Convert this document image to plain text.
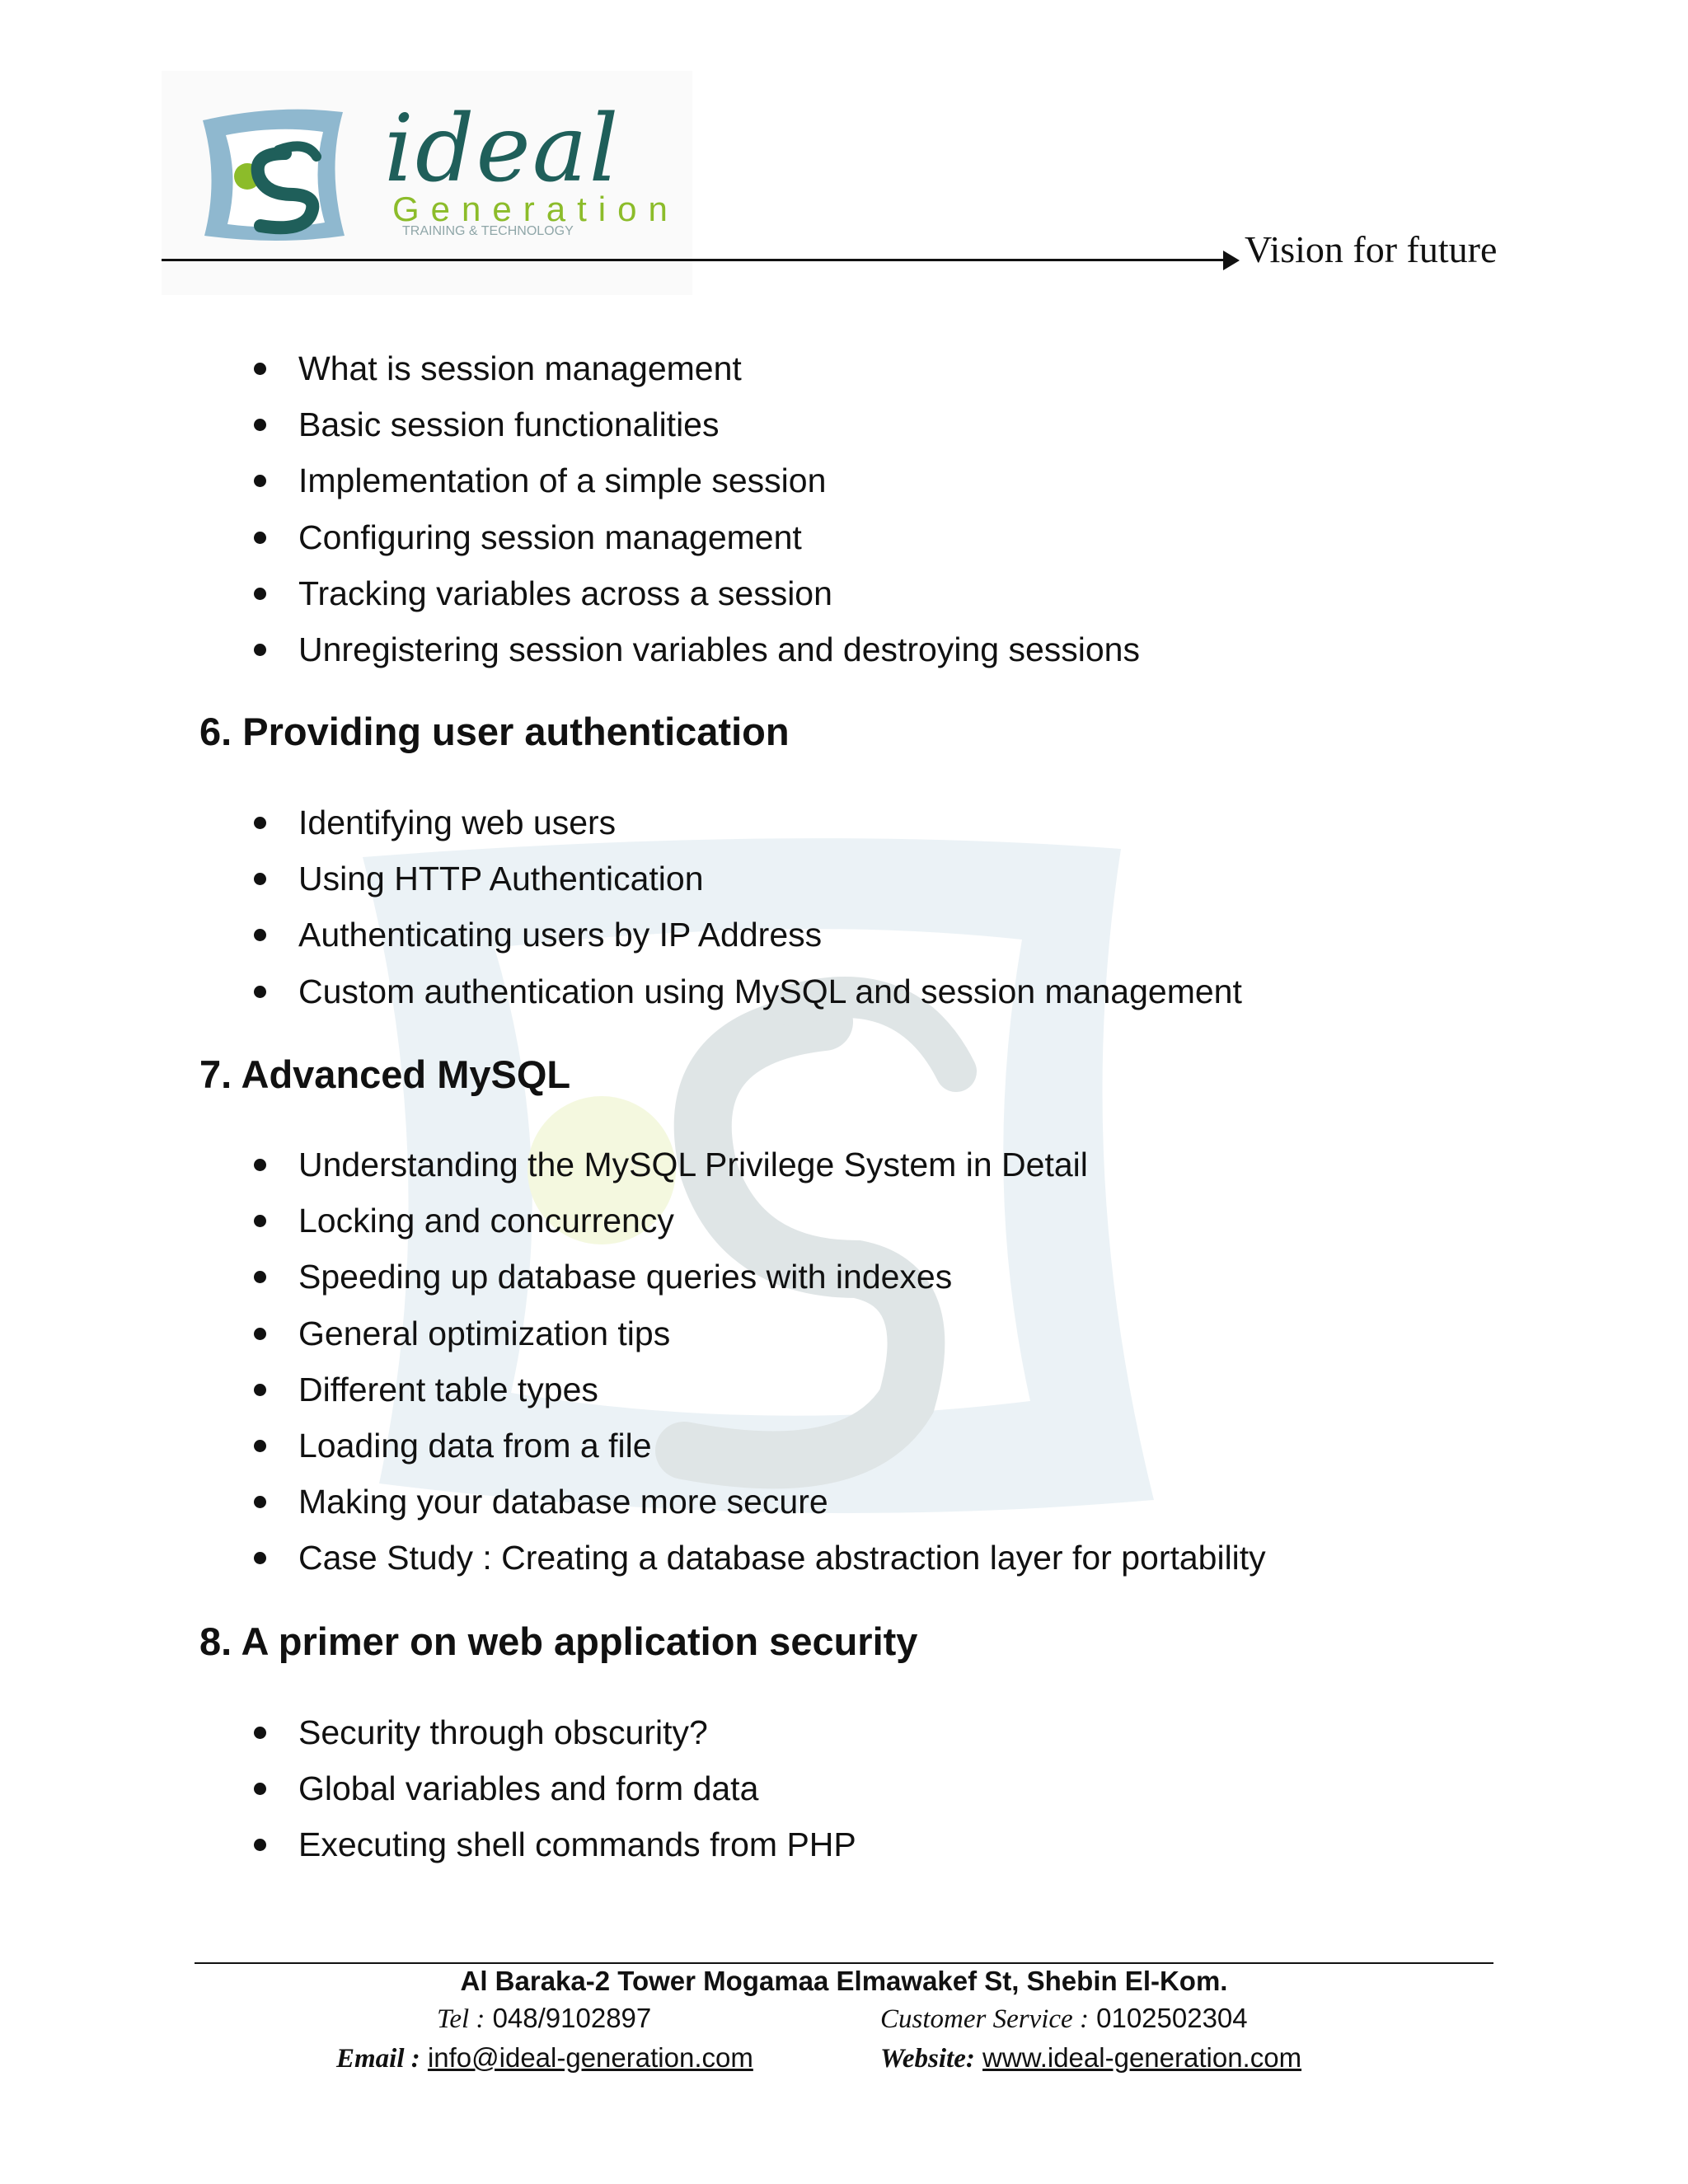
ideal
Generation
TRAINING & TECHNOLOGY	Vision for future
What is session management
Basic session functionalities
Implementation of a simple session
Configuring session management
Tracking variables across a session
Unregistering session variables and destroying sessions
6. Providing user authentication
Identifying web users
Using HTTP Authentication
Authenticating users by IP Address
Custom authentication using MySQL and session management
7. Advanced MySQL
Understanding the MySQL Privilege System in Detail
Locking and concurrency
Speeding up database queries with indexes
General optimization tips
Different table types
Loading data from a file
Making your database more secure
Case Study : Creating a database abstraction layer for portability
8. A primer on web application security
Security through obscurity?
Global variables and form data
Executing shell commands from PHP
Al Baraka-2 Tower Mogamaa Elmawakef St, Shebin El-Kom.
Tel : 048/9102897	Customer Service : 0102502304
Email : info@ideal-generation.com	Website: www.ideal-generation.com
